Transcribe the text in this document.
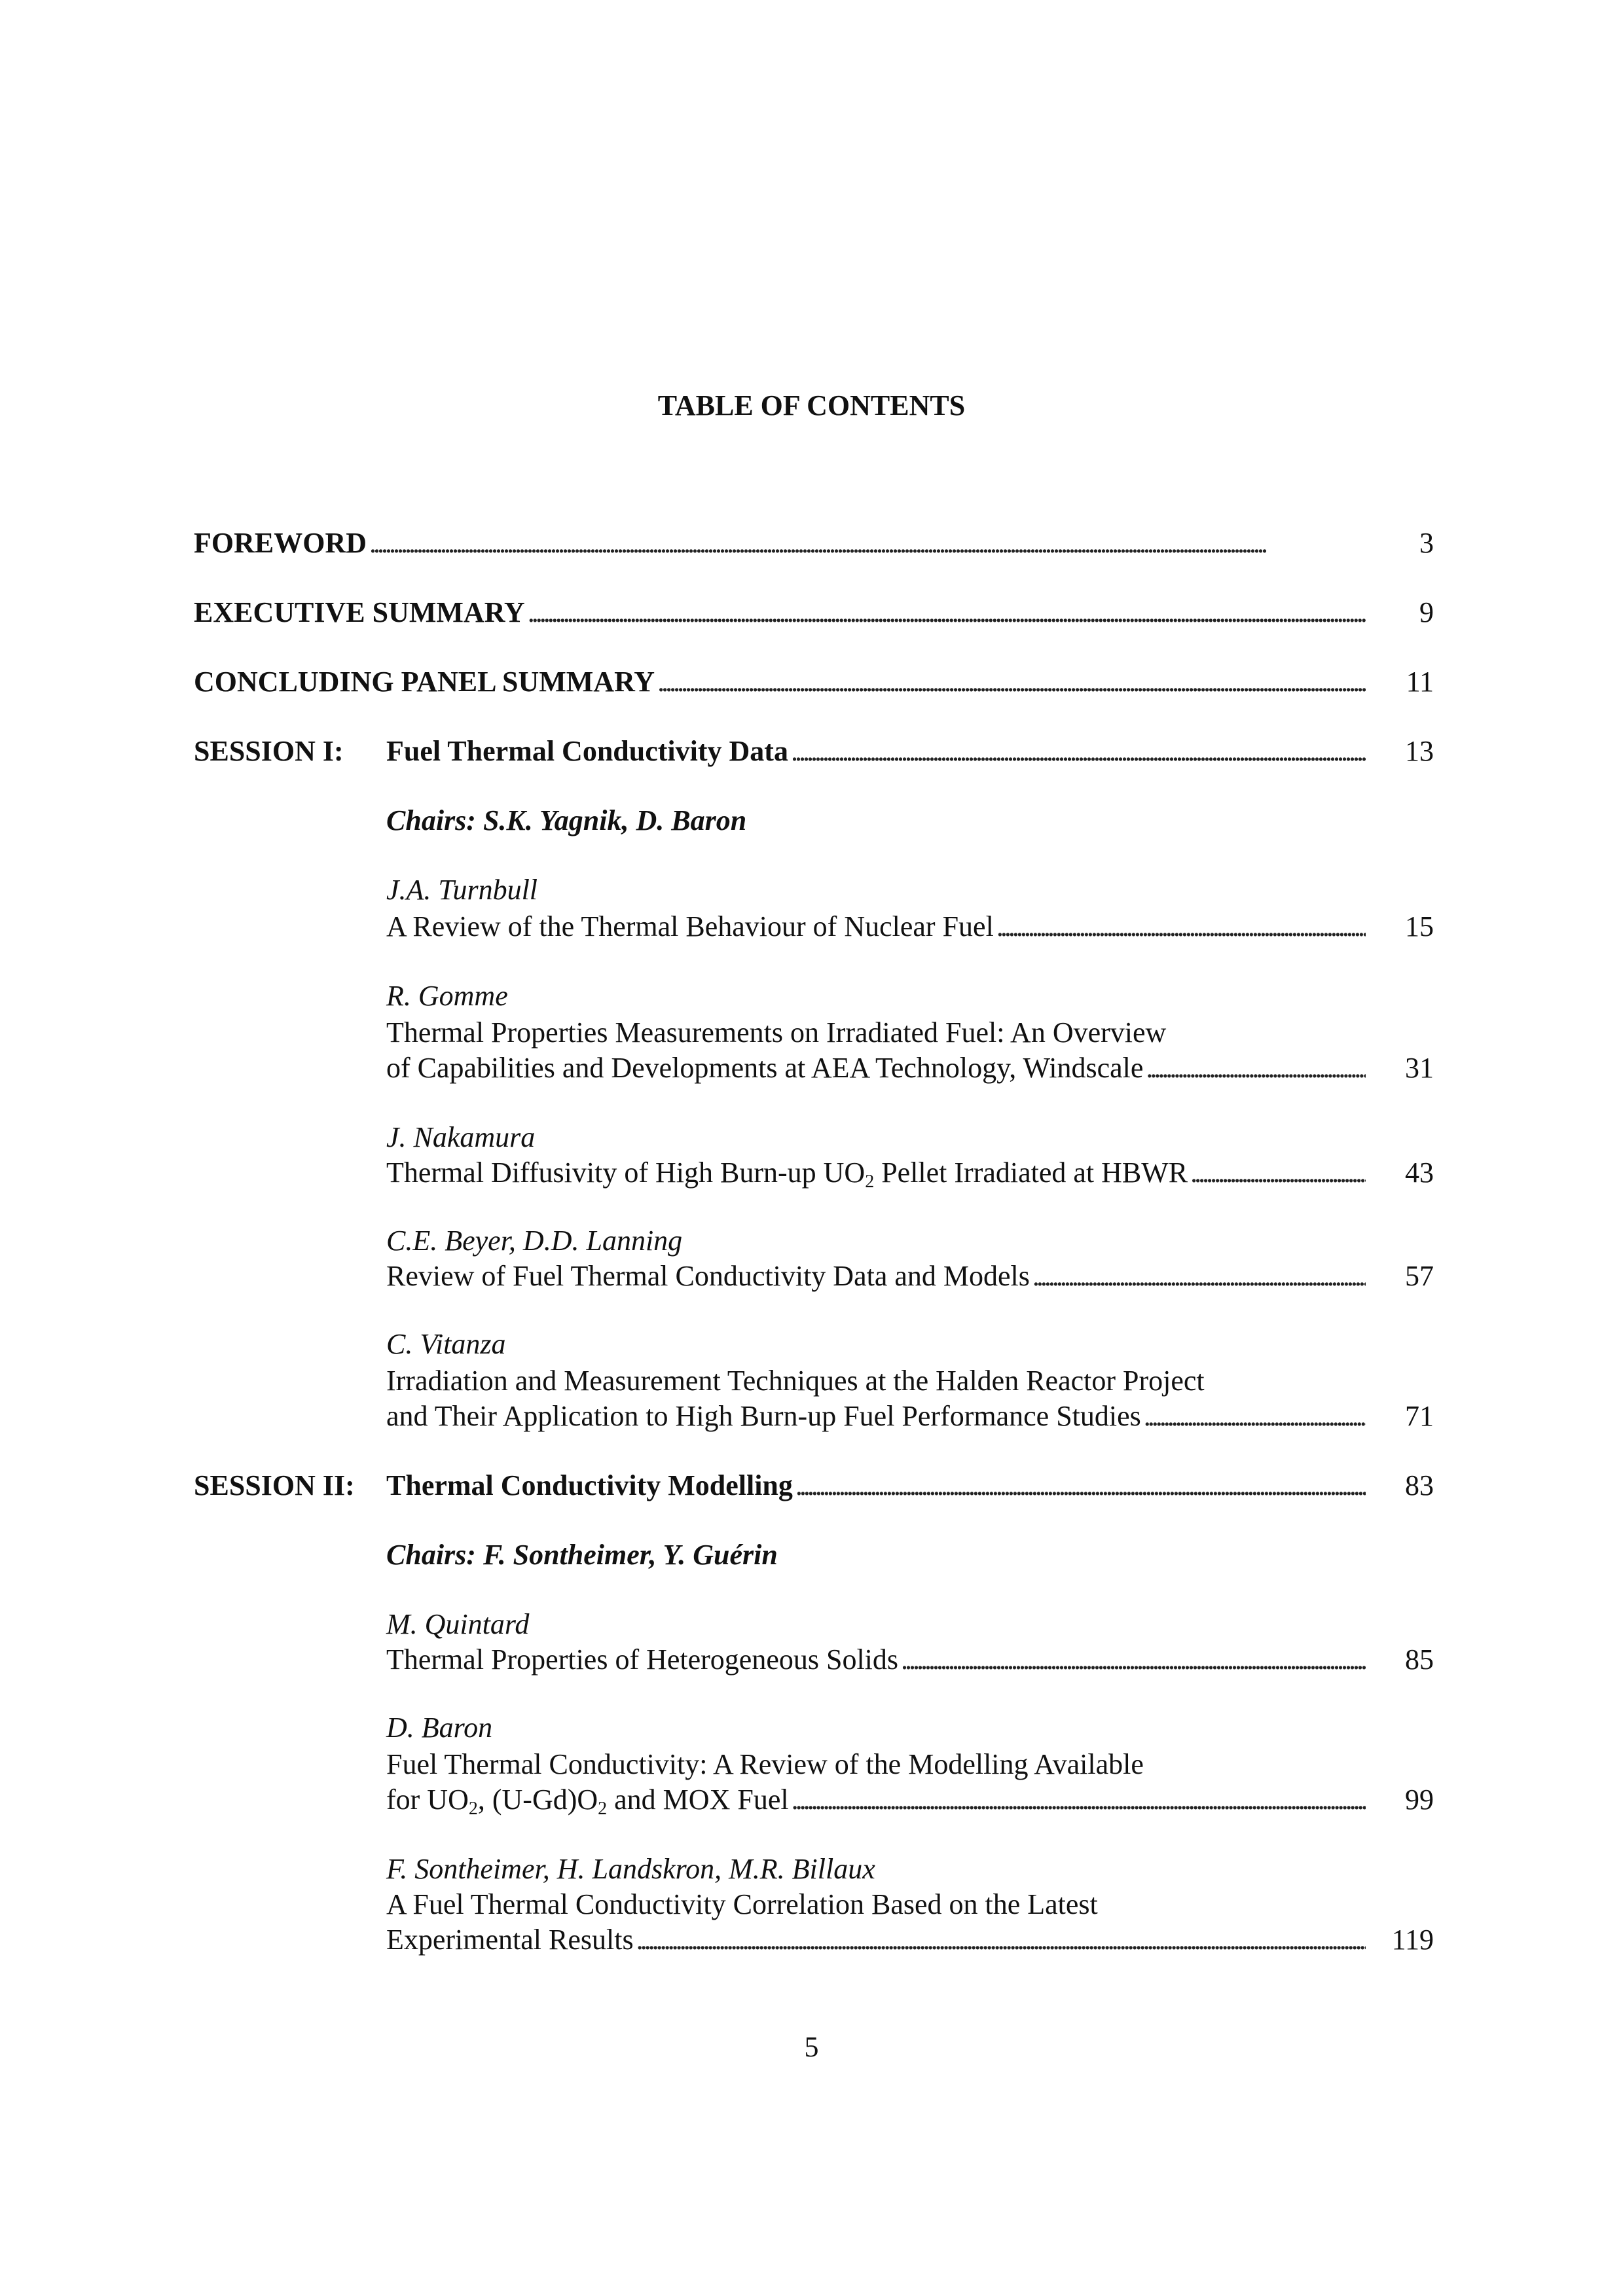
TABLE OF CONTENTS
FOREWORD . . .	3
EXECUTIVE SUMMARY . . .	9
CONCLUDING PANEL SUMMARY . . .	11
SESSION I: Fuel Thermal Conductivity Data . . .	13
Chairs: S.K. Yagnik, D. Baron
J.A. Turnbull
A Review of the Thermal Behaviour of Nuclear Fuel . . .	15
R. Gomme
Thermal Properties Measurements on Irradiated Fuel: An Overview
of Capabilities and Developments at AEA Technology, Windscale . . .	31
J. Nakamura
Thermal Diffusivity of High Burn-up $UO_2$ Pellet Irradiated at HBWR . . .	43
C.E. Beyer, D.D. Lanning
Review of Fuel Thermal Conductivity Data and Models . . .	57
C. Vitanza
Irradiation and Measurement Techniques at the Halden Reactor Project
and Their Application to High Burn-up Fuel Performance Studies . . .	71
SESSION II: Thermal Conductivity Modelling . . .	83
Chairs: F. Sontheimer, Y. Guérin
M. Quintard
Thermal Properties of Heterogeneous Solids . . .	85
D. Baron
Fuel Thermal Conductivity: A Review of the Modelling Available
for $UO_2$, $(U-Gd)O_2$ and MOX Fuel . . .	99
F. Sontheimer, H. Landskron, M.R. Billaux
A Fuel Thermal Conductivity Correlation Based on the Latest
Experimental Results . . .	119
5
